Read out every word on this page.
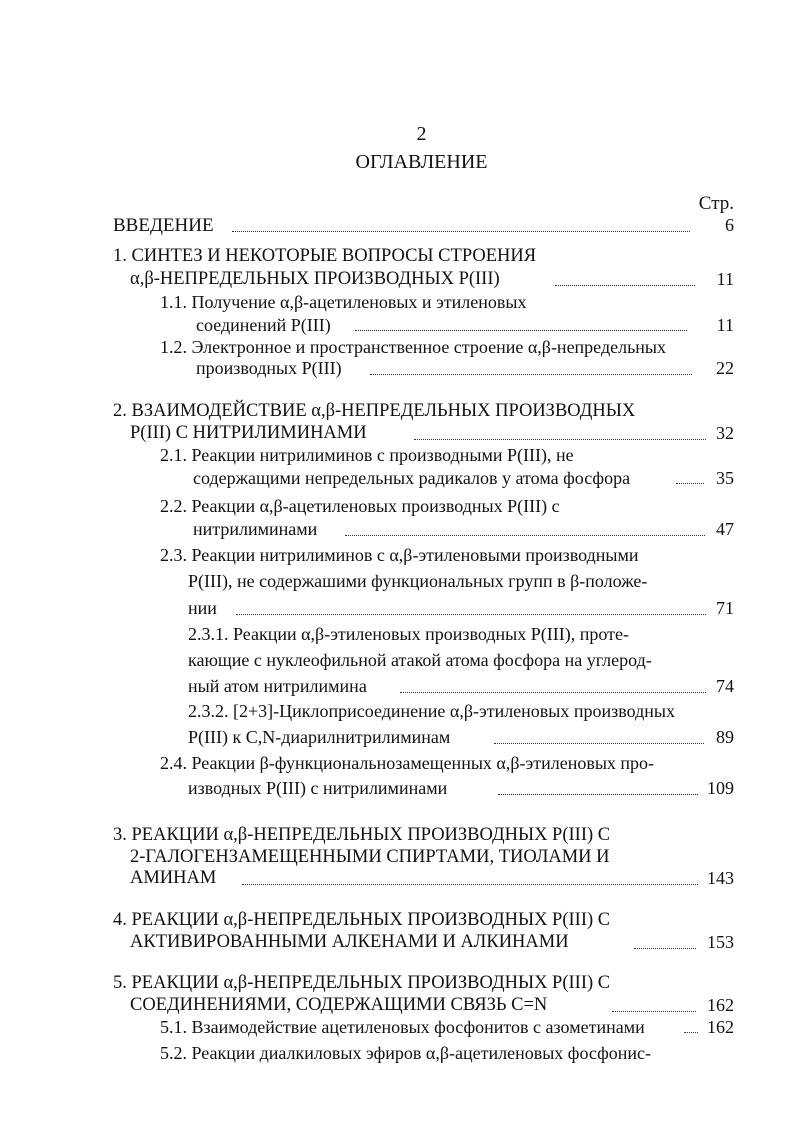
2
ОГЛАВЛЕНИЕ
Стр.
ВВЕДЕНИЕ	6
1. СИНТЕЗ И НЕКОТОРЫЕ ВОПРОСЫ СТРОЕНИЯ
α,β-НЕПРЕДЕЛЬНЫХ ПРОИЗВОДНЫХ P(III)	11
1.1. Получение α,β-ацетиленовых и этиленовых
соединений P(III)	11
1.2. Электронное и пространственное строение α,β-непредельных
производных P(III)	22
2. ВЗАИМОДЕЙСТВИЕ α,β-НЕПРЕДЕЛЬНЫХ ПРОИЗВОДНЫХ
P(III) С НИТРИЛИМИНАМИ	32
2.1. Реакции нитрилиминов с производными P(III), не
содержащими непредельных радикалов у атома фосфора	35
2.2. Реакции α,β-ацетиленовых производных P(III) с
нитрилиминами	47
2.3. Реакции нитрилиминов с α,β-этиленовыми производными
P(III), не содержашими функциональных групп в β-положе-
нии	71
2.3.1. Реакции α,β-этиленовых производных P(III), проте-
кающие с нуклеофильной атакой атома фосфора на углерод-
ный атом нитрилимина	74
2.3.2. [2+3]-Циклоприсоединение α,β-этиленовых производных
P(III) к C,N-диарилнитрилиминам	89
2.4. Реакции β-функциональнозамещенных α,β-этиленовых про-
изводных P(III) с нитрилиминами	109
3. РЕАКЦИИ α,β-НЕПРЕДЕЛЬНЫХ ПРОИЗВОДНЫХ P(III) С
2-ГАЛОГЕНЗАМЕЩЕННЫМИ СПИРТАМИ, ТИОЛАМИ И
АМИНАМ	143
4. РЕАКЦИИ α,β-НЕПРЕДЕЛЬНЫХ ПРОИЗВОДНЫХ P(III) С
АКТИВИРОВАННЫМИ АЛКЕНАМИ И АЛКИНАМИ	153
5. РЕАКЦИИ α,β-НЕПРЕДЕЛЬНЫХ ПРОИЗВОДНЫХ P(III) С
СОЕДИНЕНИЯМИ, СОДЕРЖАЩИМИ СВЯЗЬ C=N	162
5.1. Взаимодействие ацетиленовых фосфонитов с азометинами	162
5.2. Реакции диалкиловых эфиров α,β-ацетиленовых фосфонис-
